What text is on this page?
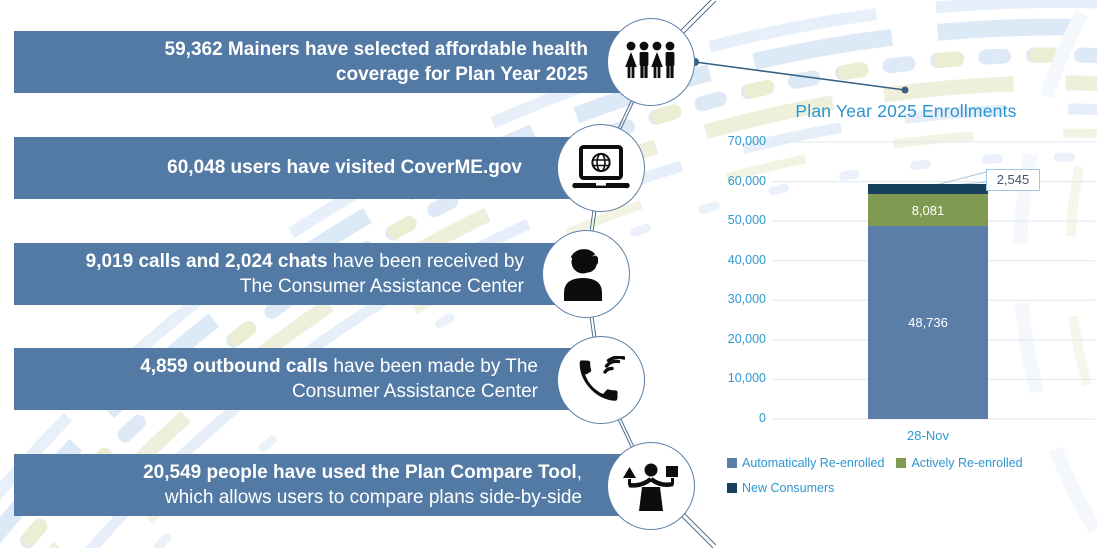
59,362 Mainers have selected affordable health coverage for Plan Year 2025
60,048 users have visited CoverME.gov
9,019 calls and 2,024 chats have been received by The Consumer Assistance Center
4,859 outbound calls have been made by The Consumer Assistance Center
20,549 people have used the Plan Compare Tool, which allows users to compare plans side-by-side
Plan Year 2025 Enrollments
0
10,000
20,000
30,000
40,000
50,000
60,000
70,000
48,736
8,081
2,545
28-Nov
Automatically Re-enrolled Actively Re-enrolled
New Consumers
